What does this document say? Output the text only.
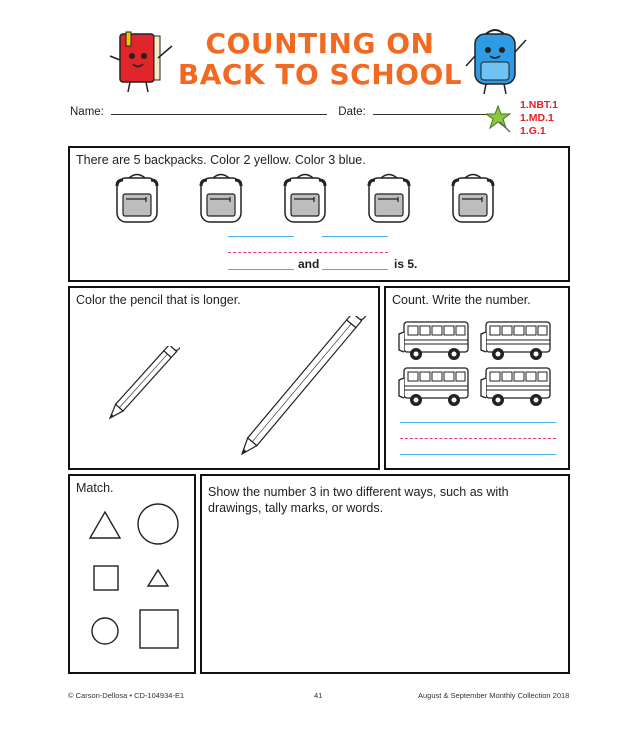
COUNTING ON
BACK TO SCHOOL
Name:	Date:
1.NBT.1
1.MD.1
1.G.1
There are 5 backpacks. Color 2 yellow. Color 3 blue.
and	is 5.
Color the pencil that is longer.	Count. Write the number.
Match.	Show the number 3 in two different ways, such as with drawings, tally marks, or words.
© Carson-Dellosa • CD-104934-E1	41	August & September Monthly Collection 2018
